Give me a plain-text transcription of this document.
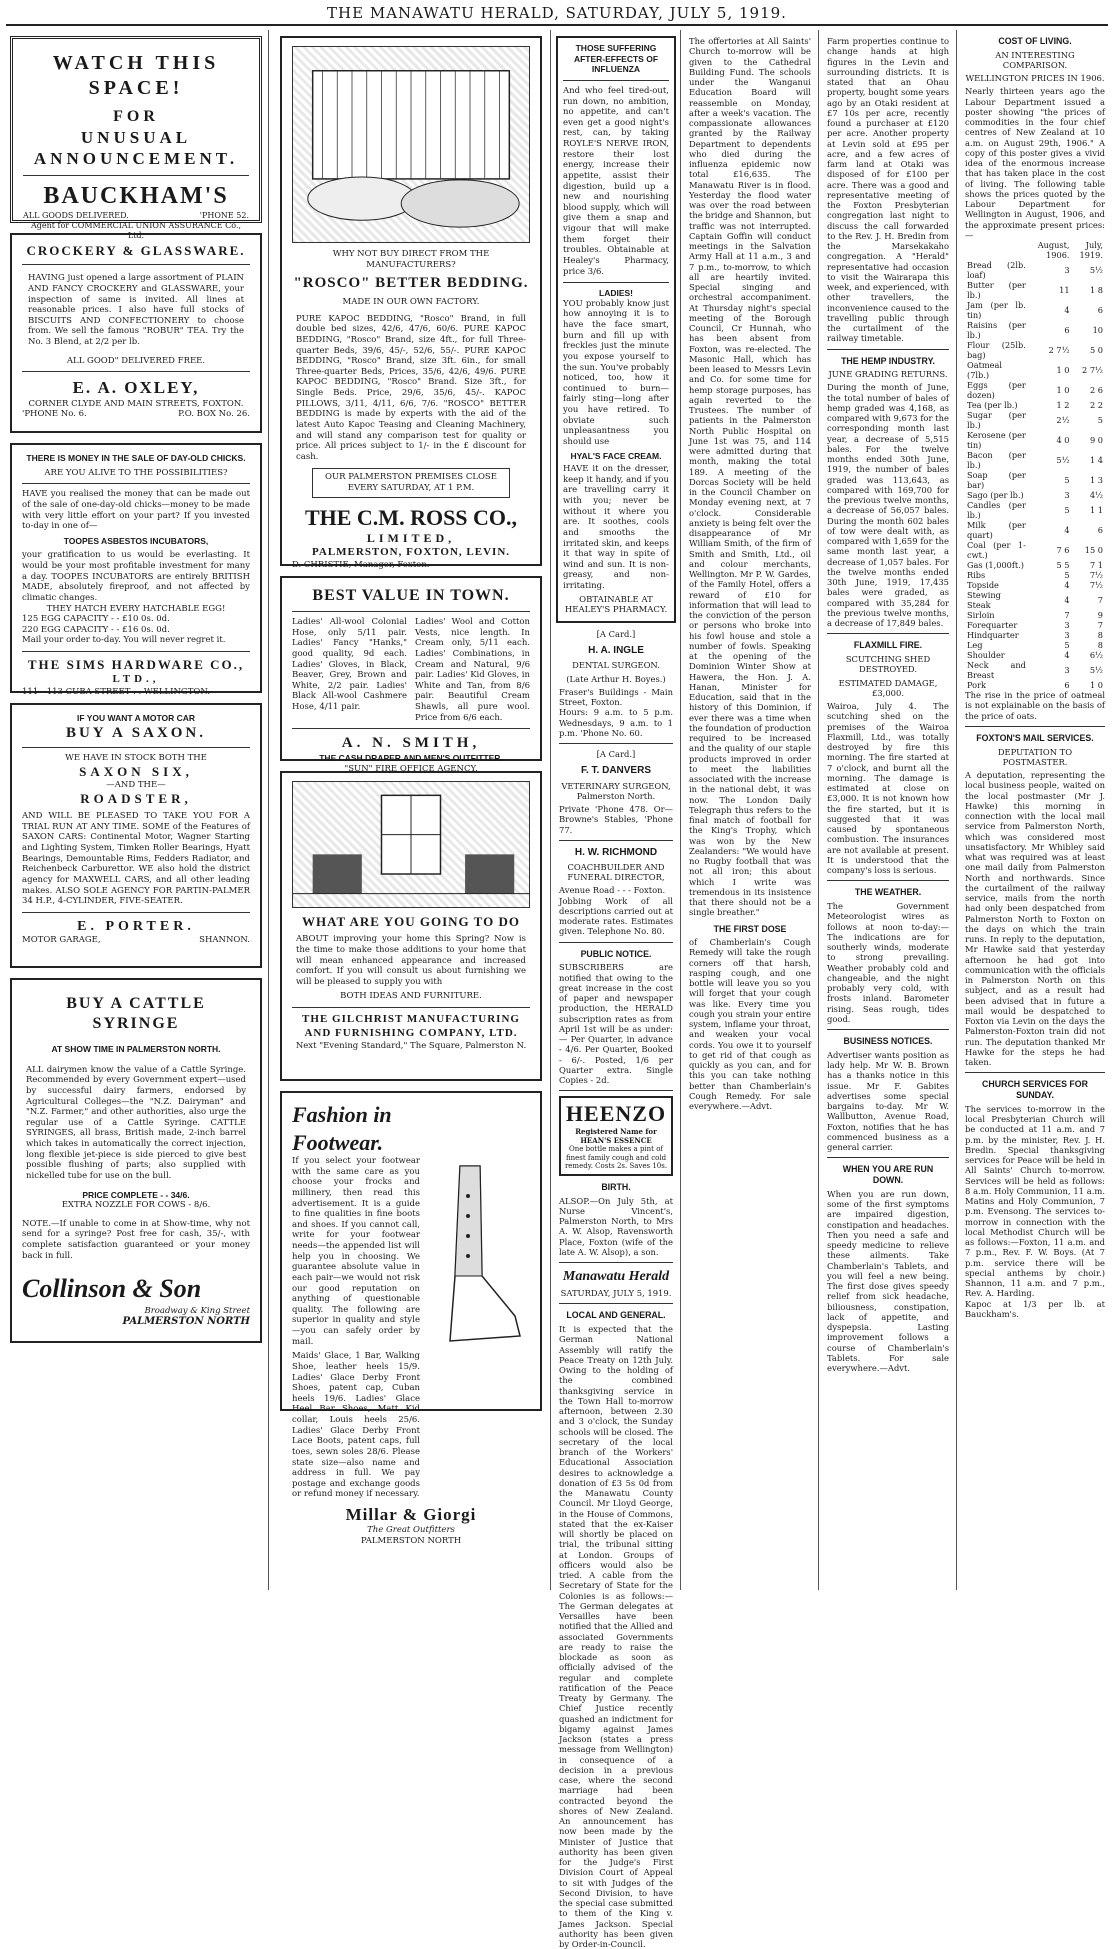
THE MANAWATU HERALD, SATURDAY, JULY 5, 1919.
WATCH THIS
SPACE!
FOR
UNUSUAL
ANNOUNCEMENT.
BAUCKHAM'S
ALL GOODS DELIVERED.	'PHONE 52.
Agent for COMMERCIAL UNION ASSURANCE Co., Ltd.
CROCKERY & GLASSWARE.
HAVING just opened a large assortment of PLAIN AND FANCY CROCKERY and GLASSWARE, your inspection of same is invited. All lines at reasonable prices. I also have full stocks of BISCUITS AND CONFECTIONERY to choose from. We sell the famous "ROBUR" TEA. Try the No. 3 Blend, at 2/2 per lb.
ALL GOOD" DELIVERED FREE.
E. A. OXLEY,
CORNER CLYDE AND MAIN STREETS, FOXTON.
'PHONE No. 6.	P.O. BOX No. 26.
THERE IS MONEY IN THE SALE OF DAY-OLD CHICKS.
ARE YOU ALIVE TO THE POSSIBILITIES?
HAVE you realised the money that can be made out of the sale of one-day-old chicks—money to be made with very little effort on your part? If you invested to-day in one of—
TOOPES ASBESTOS INCUBATORS,
your gratification to us would be everlasting. It would be your most profitable investment for many a day. TOOPES INCUBATORS are entirely BRITISH MADE, absolutely fireproof, and not affected by climatic changes.
THEY HATCH EVERY HATCHABLE EGG!
125 EGG CAPACITY - - £10 0s. 0d.
220 EGG CAPACITY - - £16 0s. 0d.
Mail your order to-day. You will never regret it.
THE SIMS HARDWARE CO.,
LTD.,
111—113 CUBA STREET . . WELLINGTON.
IF YOU WANT A MOTOR CAR
BUY A SAXON.
WE HAVE IN STOCK BOTH THE
SAXON SIX,
—AND THE—
ROADSTER,
AND WILL BE PLEASED TO TAKE YOU FOR A TRIAL RUN AT ANY TIME. SOME of the Features of SAXON CARS: Continental Motor, Wagner Starting and Lighting System, Timken Roller Bearings, Hyatt Bearings, Demountable Rims, Fedders Radiator, and Reichenbeck Carburettor. WE also hold the district agency for MAXWELL CARS, and all other leading makes. ALSO SOLE AGENCY FOR PARTIN-PALMER 34 H.P., 4-CYLINDER, FIVE-SEATER.
E. PORTER.
MOTOR GARAGE,	SHANNON.
BUY A CATTLE SYRINGE
AT SHOW TIME IN PALMERSTON NORTH.
ALL dairymen know the value of a Cattle Syringe. Recommended by every Government expert—used by successful dairy farmers, endorsed by Agricultural Colleges—the "N.Z. Dairyman" and "N.Z. Farmer," and other authorities, also urge the regular use of a Cattle Syringe. CATTLE SYRINGES, all brass, British made, 2-inch barrel which takes in automatically the correct injection, long flexible jet-piece is side pierced to give best possible flushing of parts; also supplied with nickelled tube for use on the bull.
PRICE COMPLETE - - 34/6.
EXTRA NOZZLE FOR COWS - 8/6.
NOTE.—If unable to come in at Show-time, why not send for a syringe? Post free for cash, 35/-, with complete satisfaction guaranteed or your money back in full.
Collinson & Son
Broadway & King Street
PALMERSTON NORTH
WHY NOT BUY DIRECT FROM THE MANUFACTURERS?
"ROSCO" BETTER BEDDING.
MADE IN OUR OWN FACTORY.
PURE KAPOC BEDDING, "Rosco" Brand, in full double bed sizes, 42/6, 47/6, 60/6. PURE KAPOC BEDDING, "Rosco" Brand, size 4ft., for full Three-quarter Beds, 39/6, 45/-, 52/6, 55/-. PURE KAPOC BEDDING, "Rosco" Brand, size 3ft. 6in., for small Three-quarter Beds, Prices, 35/6, 42/6, 49/6. PURE KAPOC BEDDING, "Rosco" Brand. Size 3ft., for Single Beds. Price, 29/6, 35/6, 45/-. KAPOC PILLOWS, 3/11, 4/11, 6/6, 7/6. "ROSCO" BETTER BEDDING is made by experts with the aid of the latest Auto Kapoc Teasing and Cleaning Machinery, and will stand any comparison test for quality or price. All prices subject to 1/- in the £ discount for cash.
OUR PALMERSTON PREMISES CLOSE
EVERY SATURDAY, AT 1 P.M.
THE C.M. ROSS CO.,
LIMITED,
PALMERSTON, FOXTON, LEVIN.
D. CHRISTIE, Manager, Foxton.
BEST VALUE IN TOWN.
Ladies' All-wool Colonial Hose, only 5/11 pair. Ladies' Fancy "Hanks," good quality, 9d each. Ladies' Gloves, in Black, Beaver, Grey, Brown and White, 2/2 pair. Ladies' Black All-wool Cashmere Hose, 4/11 pair.
Ladies' Wool and Cotton Vests, nice length. In Cream only, 5/11 each. Ladies' Combinations, in Cream and Natural, 9/6 pair. Ladies' Kid Gloves, in White and Tan, from 8/6 pair. Beautiful Cream Shawls, all pure wool. Price from 6/6 each.
A. N. SMITH,
THE CASH DRAPER AND MEN'S OUTFITTER.
"SUN" FIRE OFFICE AGENCY.
WHAT ARE YOU GOING TO DO
ABOUT improving your home this Spring? Now is the time to make those additions to your home that will mean enhanced appearance and increased comfort. If you will consult us about furnishing we will be pleased to supply you with
BOTH IDEAS AND FURNITURE.
THE GILCHRIST MANUFACTURING AND FURNISHING COMPANY, LTD.
Next "Evening Standard," The Square, Palmerston N.
Fashion in
Footwear.
If you select your footwear with the same care as you choose your frocks and millinery, then read this advertisement. It is a guide to fine qualities in fine boots and shoes. If you cannot call, write for your footwear needs—the appended list will help you in choosing. We guarantee absolute value in each pair—we would not risk our good reputation on anything of questionable quality. The following are superior in quality and style—you can safely order by mail.
Maids' Glace, 1 Bar, Walking Shoe, leather heels 15/9. Ladies' Glace Derby Front Shoes, patent cap, Cuban heels 19/6. Ladies' Glace Heel Bar Shoes, Matt Kid collar, Louis heels 25/6. Ladies' Glace Derby Front Lace Boots, patent caps, full toes, sewn soles 28/6. Please state size—also name and address in full. We pay postage and exchange goods or refund money if necessary.
Millar & Giorgi
The Great Outfitters
PALMERSTON NORTH
THOSE SUFFERING AFTER-EFFECTS OF INFLUENZA
And who feel tired-out, run down, no ambition, no appetite, and can't even get a good night's rest, can, by taking ROYLE'S NERVE IRON, restore their lost energy, increase their appetite, assist their digestion, build up a new and nourishing blood supply, which will give them a snap and vigour that will make them forget their troubles. Obtainable at Healey's Pharmacy, price 3/6.
LADIES!
YOU probably know just how annoying it is to have the face smart, burn and fill up with freckles just the minute you expose yourself to the sun. You've probably noticed, too, how it continued to burn—fairly sting—long after you have retired. To obviate such unpleasantness you should use
HYAL'S FACE CREAM.
HAVE it on the dresser, keep it handy, and if you are travelling carry it with you; never be without it where you are. It soothes, cools and smooths the irritated skin, and keeps it that way in spite of wind and sun. It is non-greasy, and non-irritating.
OBTAINABLE AT HEALEY'S PHARMACY.
[A Card.]
H. A. INGLE
DENTAL SURGEON.
(Late Arthur H. Boyes.)
Fraser's Buildings - Main Street, Foxton.
Hours: 9 a.m. to 5 p.m. Wednesdays, 9 a.m. to 1 p.m. 'Phone No. 60.
[A Card.]
F. T. DANVERS
VETERINARY SURGEON, Palmerston North.
Private 'Phone 478. Or— Browne's Stables, 'Phone 77.
H. W. RICHMOND
COACHBUILDER AND FUNERAL DIRECTOR,
Avenue Road - - - Foxton.
Jobbing Work of all descriptions carried out at moderate rates. Estimates given. Telephone No. 80.
PUBLIC NOTICE.
SUBSCRIBERS are notified that owing to the great increase in the cost of paper and newspaper production, the HERALD subscription rates as from April 1st will be as under:— Per Quarter, in advance - 4/6. Per Quarter, Booked - 6/-. Posted, 1/6 per Quarter extra. Single Copies - 2d.
HEENZO
Registered Name for HEAN'S ESSENCE
One bottle makes a pint of finest family cough and cold remedy. Costs 2s. Saves 10s.
BIRTH.
ALSOP.—On July 5th, at Nurse Vincent's, Palmerston North, to Mrs A. W. Alsop, Ravensworth Place, Foxton (wife of the late A. W. Alsop), a son.
Manawatu Herald
SATURDAY, JULY 5, 1919.
LOCAL AND GENERAL.
It is expected that the German National Assembly will ratify the Peace Treaty on 12th July. Owing to the holding of the combined thanksgiving service in the Town Hall to-morrow afternoon, between 2.30 and 3 o'clock, the Sunday schools will be closed. The secretary of the local branch of the Workers' Educational Association desires to acknowledge a donation of £3 5s 0d from the Manawatu County Council. Mr Lloyd George, in the House of Commons, stated that the ex-Kaiser will shortly be placed on trial, the tribunal sitting at London. Groups of officers would also be tried. A cable from the Secretary of State for the Colonies is as follows:—The German delegates at Versailles have been notified that the Allied and associated Governments are ready to raise the blockade as soon as officially advised of the regular and complete ratification of the Peace Treaty by Germany. The Chief Justice recently quashed an indictment for bigamy against James Jackson (states a press message from Wellington) in consequence of a decision in a previous case, where the second marriage had been contracted beyond the shores of New Zealand. An announcement has now been made by the Minister of Justice that authority has been given for the Judge's First Division Court of Appeal to sit with Judges of the Second Division, to have the special case submitted to them of the King v. James Jackson. Special authority has been given by Order-in-Council.
The offertories at All Saints' Church to-morrow will be given to the Cathedral Building Fund. The schools under the Wanganui Education Board will reassemble on Monday, after a week's vacation. The compassionate allowances granted by the Railway Department to dependents who died during the influenza epidemic now total £16,635. The Manawatu River is in flood. Yesterday the flood water was over the road between the bridge and Shannon, but traffic was not interrupted. Captain Goffin will conduct meetings in the Salvation Army Hall at 11 a.m., 3 and 7 p.m., to-morrow, to which all are heartily invited. Special singing and orchestral accompaniment. At Thursday night's special meeting of the Borough Council, Cr Hunnah, who has been absent from Foxton, was re-elected. The Masonic Hall, which has been leased to Messrs Levin and Co. for some time for hemp storage purposes, has again reverted to the Trustees. The number of patients in the Palmerston North Public Hospital on June 1st was 75, and 114 were admitted during that month, making the total 189. A meeting of the Dorcas Society will be held in the Council Chamber on Monday evening next, at 7 o'clock. Considerable anxiety is being felt over the disappearance of Mr William Smith, of the firm of Smith and Smith, Ltd., oil and colour merchants, Wellington. Mr P. W. Gardes, of the Family Hotel, offers a reward of £10 for information that will lead to the conviction of the person or persons who broke into his fowl house and stole a number of fowls. Speaking at the opening of the Dominion Winter Show at Hawera, the Hon. J. A. Hanan, Minister for Education, said that in the history of this Dominion, if ever there was a time when the foundation of production required to be increased and the quality of our staple products improved in order to meet the liabilities associated with the increase in the national debt, it was now. The London Daily Telegraph thus refers to the final match of football for the King's Trophy, which was won by the New Zealanders: "We would have no Rugby football that was not all iron; this about which I write was tremendous in its insistence that there should not be a single breather."
THE FIRST DOSE
of Chamberlain's Cough Remedy will take the rough corners off that harsh, rasping cough, and one bottle will leave you so you will forget that your cough was like. Every time you cough you strain your entire system, inflame your throat, and weaken your vocal cords. You owe it to yourself to get rid of that cough as quickly as you can, and for this you can take nothing better than Chamberlain's Cough Remedy. For sale everywhere.—Advt.
Farm properties continue to change hands at high figures in the Levin and surrounding districts. It is stated that an Ohau property, bought some years ago by an Otaki resident at £7 10s per acre, recently found a purchaser at £120 per acre. Another property at Levin sold at £95 per acre, and a few acres of farm land at Otaki was disposed of for £100 per acre. There was a good and representative meeting of the Foxton Presbyterian congregation last night to discuss the call forwarded to the Rev. J. H. Bredin from the Marsekakaho congregation. A "Herald" representative had occasion to visit the Wairarapa this week, and experienced, with other travellers, the inconvenience caused to the travelling public through the curtailment of the railway timetable.
THE HEMP INDUSTRY.
JUNE GRADING RETURNS.
During the month of June, the total number of bales of hemp graded was 4,168, as compared with 9,673 for the corresponding month last year, a decrease of 5,515 bales. For the twelve months ended 30th June, 1919, the number of bales graded was 113,643, as compared with 169,700 for the previous twelve months, a decrease of 56,057 bales. During the month 602 bales of tow were dealt with, as compared with 1,659 for the same month last year, a decrease of 1,057 bales. For the twelve months ended 30th June, 1919, 17,435 bales were graded, as compared with 35,284 for the previous twelve months, a decrease of 17,849 bales.
FLAXMILL FIRE.
SCUTCHING SHED DESTROYED.
ESTIMATED DAMAGE, £3,000.
Wairoa, July 4. The scutching shed on the premises of the Wairoa Flaxmill, Ltd., was totally destroyed by fire this morning. The fire started at 7 o'clock, and burnt all the morning. The damage is estimated at close on £3,000. It is not known how the fire started, but it is suggested that it was caused by spontaneous combustion. The insurances are not available at present. It is understood that the company's loss is serious.
THE WEATHER.
The Government Meteorologist wires as follows at noon to-day:— The indications are for southerly winds, moderate to strong prevailing. Weather probably cold and changeable, and the night probably very cold, with frosts inland. Barometer rising. Seas rough, tides good.
BUSINESS NOTICES.
Advertiser wants position as lady help. Mr W. B. Brown has a thanks notice in this issue. Mr F. Gabites advertises some special bargains to-day. Mr W. Wallbutton, Avenue Road, Foxton, notifies that he has commenced business as a general carrier.
WHEN YOU ARE RUN DOWN.
When you are run down, some of the first symptoms are impaired digestion, constipation and headaches. Then you need a safe and speedy medicine to relieve these ailments. Take Chamberlain's Tablets, and you will feel a new being. The first dose gives speedy relief from sick headache, biliousness, constipation, lack of appetite, and dyspepsia. Lasting improvement follows a course of Chamberlain's Tablets. For sale everywhere.—Advt.
COST OF LIVING.
AN INTERESTING COMPARISON.
WELLINGTON PRICES IN 1906.
Nearly thirteen years ago the Labour Department issued a poster showing "the prices of commodities in the four chief centres of New Zealand at 10 a.m. on August 29th, 1906." A copy of this poster gives a vivid idea of the enormous increase that has taken place in the cost of living. The following table shows the prices quoted by the Labour Department for Wellington in August, 1906, and the approximate present prices:—
	August, 1906.	July, 1919.
Bread (2lb. loaf)	3	5½
Butter (per lb.)	11	1 8
Jam (per lb. tin)	4	6
Raisins (per lb.)	6	10
Flour (25lb. bag)	2 7½	5 0
Oatmeal (7lb.)	1 0	2 7½
Eggs (per dozen)	1 0	2 6
Tea (per lb.)	1 2	2 2
Sugar (per lb.)	2½	5
Kerosene (per tin)	4 0	9 0
Bacon (per lb.)	5½	1 4
Soap (per bar)	5	1 3
Sago (per lb.)	3	4½
Candles (per lb.)	5	1 1
Milk (per quart)	4	6
Coal (per 1-cwt.)	7 6	15 0
Gas (1,000ft.)	5 5	7 1
Ribs	5	7½
Topside	4	7½
Stewing Steak	4	7
Sirloin	7	9
Forequarter	3	7
Hindquarter	3	8
Leg	5	8
Shoulder	4	6½
Neck and Breast	3	5½
Pork	6	1 0
The rise in the price of oatmeal is not explainable on the basis of the price of oats.
FOXTON'S MAIL SERVICES.
DEPUTATION TO POSTMASTER.
A deputation, representing the local business people, waited on the local postmaster (Mr J. Hawke) this morning in connection with the local mail service from Palmerston North, which was considered most unsatisfactory. Mr Whibley said what was required was at least one mail daily from Palmerston North and northwards. Since the curtailment of the railway service, mails from the north had only been despatched from Palmerston North to Foxton on the days on which the train runs. In reply to the deputation, Mr Hawke said that yesterday afternoon he had got into communication with the officials in Palmerston North on this subject, and as a result had been advised that in future a mail would be despatched to Foxton via Levin on the days the Palmerston-Foxton train did not run. The deputation thanked Mr Hawke for the steps he had taken.
CHURCH SERVICES FOR SUNDAY.
The services to-morrow in the local Presbyterian Church will be conducted at 11 a.m. and 7 p.m. by the minister, Rev. J. H. Bredin. Special thanksgiving services for Peace will be held in All Saints' Church to-morrow. Services will be held as follows: 8 a.m. Holy Communion, 11 a.m. Matins and Holy Communion, 7 p.m. Evensong. The services to-morrow in connection with the local Methodist Church will be as follows:—Foxton, 11 a.m. and 7 p.m., Rev. F. W. Boys. (At 7 p.m. service there will be special anthems by choir.) Shannon, 11 a.m. and 7 p.m., Rev. A. Harding.
Kapoc at 1/3 per lb. at Bauckham's.
